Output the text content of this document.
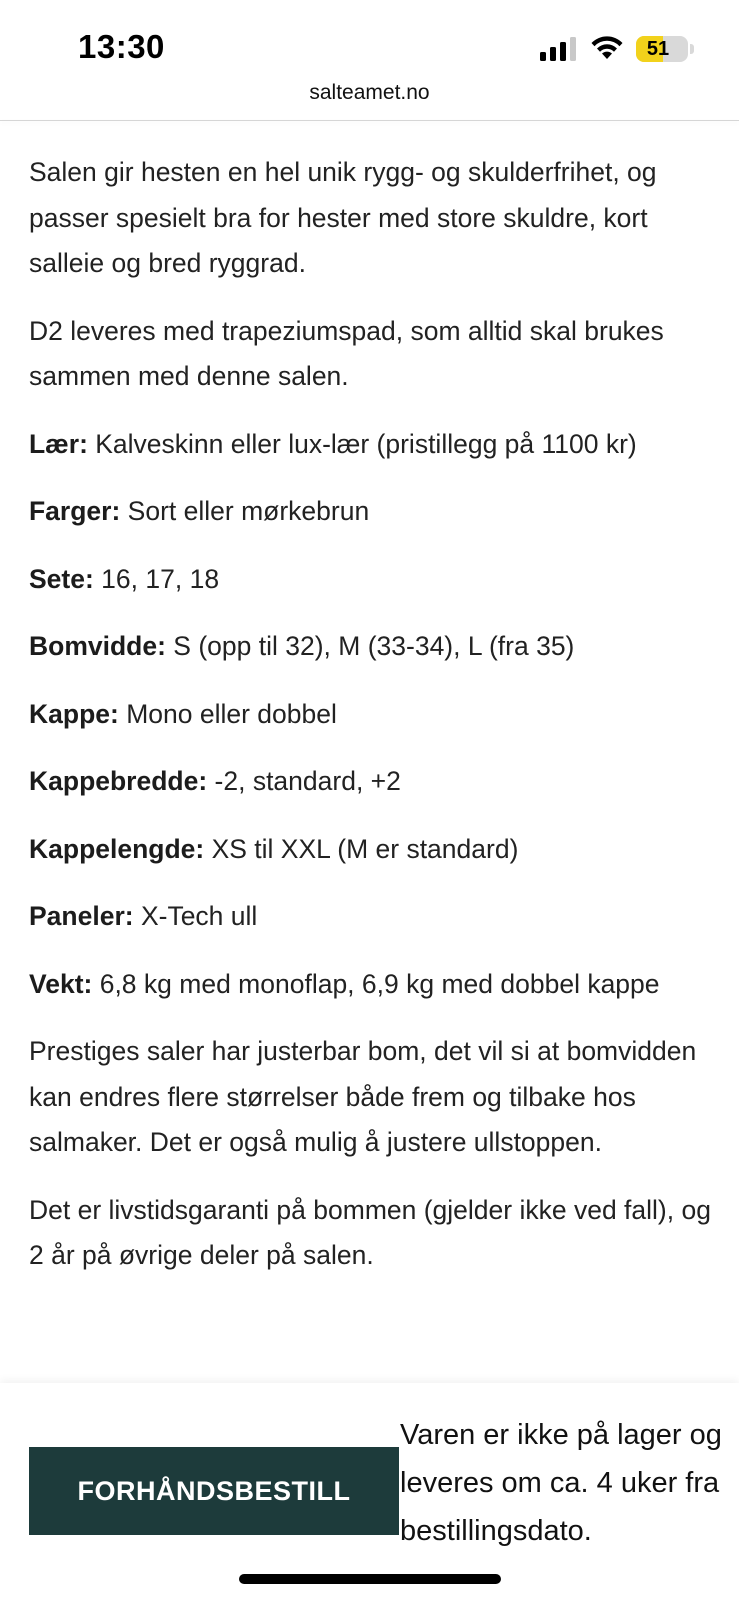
13:30	51
salteamet.no

Salen gir hesten en hel unik rygg- og skulderfrihet, og passer spesielt bra for hester med store skuldre, kort salleie og bred ryggrad.

D2 leveres med trapeziumspad, som alltid skal brukes sammen med denne salen.

Lær: Kalveskinn eller lux-lær (pristillegg på 1100 kr)

Farger: Sort eller mørkebrun

Sete: 16, 17, 18

Bomvidde: S (opp til 32), M (33-34), L (fra 35)

Kappe: Mono eller dobbel

Kappebredde: -2, standard, +2

Kappelengde: XS til XXL (M er standard)

Paneler: X-Tech ull

Vekt: 6,8 kg med monoflap, 6,9 kg med dobbel kappe

Prestiges saler har justerbar bom, det vil si at bomvidden kan endres flere størrelser både frem og tilbake hos salmaker. Det er også mulig å justere ullstoppen.

Det er livstidsgaranti på bommen (gjelder ikke ved fall), og 2 år på øvrige deler på salen.

FORHÅNDSBESTILL
Varen er ikke på lager og leveres om ca. 4 uker fra bestillingsdato.
